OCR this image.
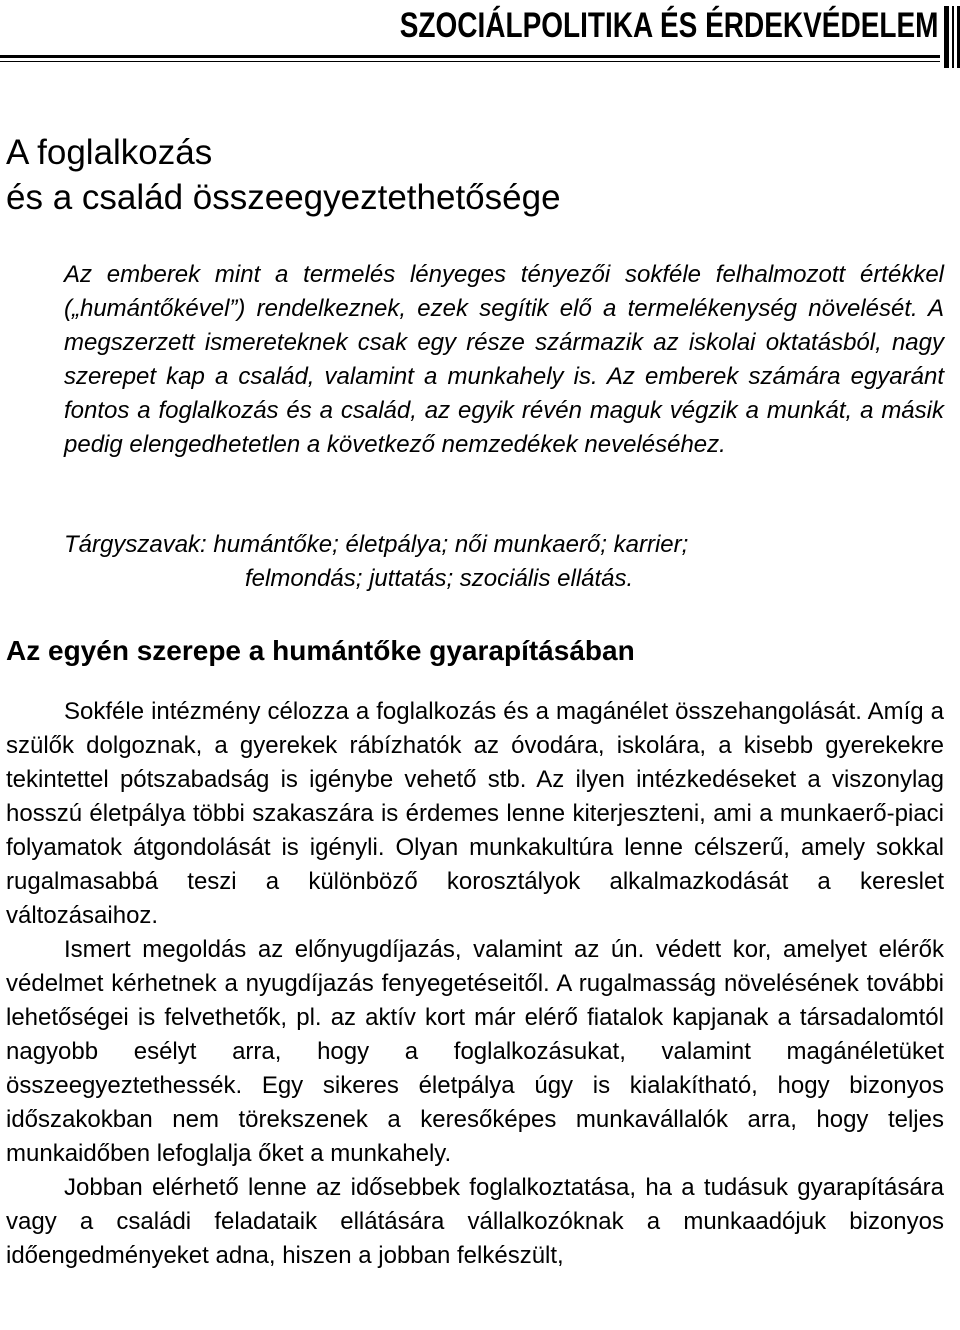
SZOCIÁLPOLITIKA ÉS ÉRDEKVÉDELEM
A foglalkozás
és a család összeegyeztethetősége

Az emberek mint a termelés lényeges tényezői sokféle felhalmozott értékkel („humántőkével”) rendelkeznek, ezek segítik elő a termelékenység növelését. A megszerzett ismereteknek csak egy része származik az iskolai oktatásból, nagy szerepet kap a család, valamint a munkahely is. Az emberek számára egyaránt fontos a foglalkozás és a család, az egyik révén maguk végzik a munkát, a másik pedig elengedhetetlen a következő nemzedékek neveléséhez.

Tárgyszavak: humántőke; életpálya; női munkaerő; karrier;
felmondás; juttatás; szociális ellátás.

Az egyén szerepe a humántőke gyarapításában

Sokféle intézmény célozza a foglalkozás és a magánélet összehangolását. Amíg a szülők dolgoznak, a gyerekek rábízhatók az óvodára, iskolára, a kisebb gyerekekre tekintettel pótszabadság is igénybe vehető stb. Az ilyen intézkedéseket a viszonylag hosszú életpálya többi szakaszára is érdemes lenne kiterjeszteni, ami a munkaerő-piaci folyamatok átgondolását is igényli. Olyan munkakultúra lenne célszerű, amely sokkal rugalmasabbá teszi a különböző korosztályok alkalmazkodását a kereslet változásaihoz.

Ismert megoldás az előnyugdíjazás, valamint az ún. védett kor, amelyet elérők védelmet kérhetnek a nyugdíjazás fenyegetéseitől. A rugalmasság növelésének további lehetőségei is felvethetők, pl. az aktív kort már elérő fiatalok kapjanak a társadalomtól nagyobb esélyt arra, hogy a foglalkozásukat, valamint magánéletüket összeegyeztethessék. Egy sikeres életpálya úgy is kialakítható, hogy bizonyos időszakokban nem törekszenek a keresőképes munkavállalók arra, hogy teljes munkaidőben lefoglalja őket a munkahely.

Jobban elérhető lenne az idősebbek foglalkoztatása, ha a tudásuk gyarapítására vagy a családi feladataik ellátására vállalkozóknak a munkaadójuk bizonyos időengedményeket adna, hiszen a jobban felkészült,
